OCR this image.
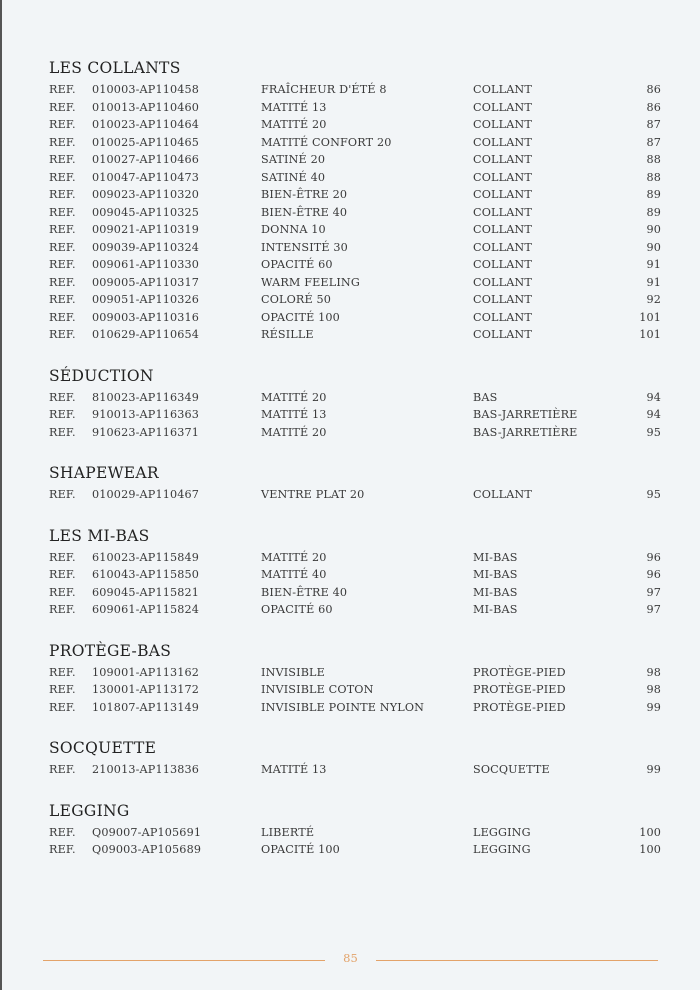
LES COLLANTS
REF. 010003-AP110458	FRAÎCHEUR D'ÉTÉ 8	COLLANT	86
REF. 010013-AP110460	MATITÉ 13	COLLANT	86
REF. 010023-AP110464	MATITÉ 20	COLLANT	87
REF. 010025-AP110465	MATITÉ CONFORT 20	COLLANT	87
REF. 010027-AP110466	SATINÉ 20	COLLANT	88
REF. 010047-AP110473	SATINÉ 40	COLLANT	88
REF. 009023-AP110320	BIEN-ÊTRE 20	COLLANT	89
REF. 009045-AP110325	BIEN-ÊTRE 40	COLLANT	89
REF. 009021-AP110319	DONNA 10	COLLANT	90
REF. 009039-AP110324	INTENSITÉ 30	COLLANT	90
REF. 009061-AP110330	OPACITÉ 60	COLLANT	91
REF. 009005-AP110317	WARM FEELING	COLLANT	91
REF. 009051-AP110326	COLORÉ 50	COLLANT	92
REF. 009003-AP110316	OPACITÉ 100	COLLANT	101
REF. 010629-AP110654	RÉSILLE	COLLANT	101
SÉDUCTION
REF. 810023-AP116349	MATITÉ 20	BAS	94
REF. 910013-AP116363	MATITÉ 13	BAS-JARRETIÈRE	94
REF. 910623-AP116371	MATITÉ 20	BAS-JARRETIÈRE	95
SHAPEWEAR
REF. 010029-AP110467	VENTRE PLAT 20	COLLANT	95
LES MI-BAS
REF. 610023-AP115849	MATITÉ 20	MI-BAS	96
REF. 610043-AP115850	MATITÉ 40	MI-BAS	96
REF. 609045-AP115821	BIEN-ÊTRE 40	MI-BAS	97
REF. 609061-AP115824	OPACITÉ 60	MI-BAS	97
PROTÈGE-BAS
REF. 109001-AP113162	INVISIBLE	PROTÈGE-PIED	98
REF. 130001-AP113172	INVISIBLE COTON	PROTÈGE-PIED	98
REF. 101807-AP113149	INVISIBLE POINTE NYLON	PROTÈGE-PIED	99
SOCQUETTE
REF. 210013-AP113836	MATITÉ 13	SOCQUETTE	99
LEGGING
REF. Q09007-AP105691	LIBERTÉ	LEGGING	100
REF. Q09003-AP105689	OPACITÉ 100	LEGGING	100
85
